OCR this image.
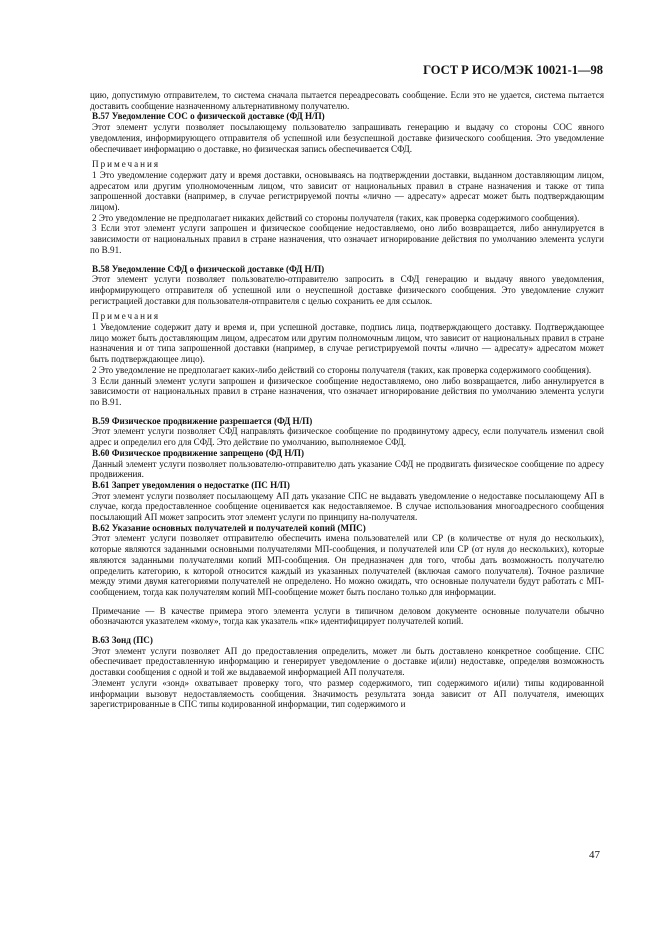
ГОСТ Р ИСО/МЭК 10021-1—98

цию, допустимую отправителем, то система сначала пытается переадресовать сообщение. Если это не удается, система пытается доставить сообщение назначенному альтернативному получателю.

В.57 Уведомление СОС о физической доставке (ФД Н/П)

Этот элемент услуги позволяет посылающему пользователю запрашивать генерацию и выдачу со стороны СОС явного уведомления, информирующего отправителя об успешной или безуспешной доставке физического сообщения. Это уведомление обеспечивает информацию о доставке, но физическая запись обеспечивается СФД.

Примечания

1 Это уведомление содержит дату и время доставки, основываясь на подтверждении доставки, выданном доставляющим лицом, адресатом или другим уполномоченным лицом, что зависит от национальных правил в стране назначения и также от типа запрошенной доставки (например, в случае регистрируемой почты «лично — адресату» адресат может быть подтверждающим лицом).

2 Это уведомление не предполагает никаких действий со стороны получателя (таких, как проверка содержимого сообщения).

3 Если этот элемент услуги запрошен и физическое сообщение недоставляемо, оно либо возвращается, либо аннулируется в зависимости от национальных правил в стране назначения, что означает игнорирование действия по умолчанию элемента услуги по В.91.

В.58 Уведомление СФД о физической доставке (ФД Н/П)

Этот элемент услуги позволяет пользователю-отправителю запросить в СФД генерацию и выдачу явного уведомления, информирующего отправителя об успешной или о неуспешной доставке физического сообщения. Это уведомление служит регистрацией доставки для пользователя-отправителя с целью сохранить ее для ссылок.

Примечания

1 Уведомление содержит дату и время и, при успешной доставке, подпись лица, подтверждающего доставку. Подтверждающее лицо может быть доставляющим лицом, адресатом или другим полномочным лицом, что зависит от национальных правил в стране назначения и от типа запрошенной доставки (например, в случае регистрируемой почты «лично — адресату» адресатом может быть подтверждающее лицо).

2 Это уведомление не предполагает каких-либо действий со стороны получателя (таких, как проверка содержимого сообщения).

3 Если данный элемент услуги запрошен и физическое сообщение недоставляемо, оно либо возвращается, либо аннулируется в зависимости от национальных правил в стране назначения, что означает игнорирование действия по умолчанию элемента услуги по В.91.

В.59 Физическое продвижение разрешается (ФД Н/П)

Этот элемент услуги позволяет СФД направлять физическое сообщение по продвинутому адресу, если получатель изменил свой адрес и определил его для СФД. Это действие по умолчанию, выполняемое СФД.

В.60 Физическое продвижение запрещено (ФД Н/П)

Данный элемент услуги позволяет пользователю-отправителю дать указание СФД не продвигать физическое сообщение по адресу продвижения.

В.61 Запрет уведомления о недостатке (ПС Н/П)

Этот элемент услуги позволяет посылающему АП дать указание СПС не выдавать уведомление о недоставке посылающему АП в случае, когда предоставленное сообщение оценивается как недоставляемое. В случае использования многоадресного сообщения посылающий АП может запросить этот элемент услуги по принципу на-получателя.

В.62 Указание основных получателей и получателей копий (МПС)

Этот элемент услуги позволяет отправителю обеспечить имена пользователей или СР (в количестве от нуля до нескольких), которые являются заданными основными получателями МП-сообщения, и получателей или СР (от нуля до нескольких), которые являются заданными получателями копий МП-сообщения. Он предназначен для того, чтобы дать возможность получателю определить категорию, к которой относится каждый из указанных получателей (включая самого получателя). Точное различие между этими двумя категориями получателей не определено. Но можно ожидать, что основные получатели будут работать с МП-сообщением, тогда как получателям копий МП-сообщение может быть послано только для информации.

Примечание — В качестве примера этого элемента услуги в типичном деловом документе основные получатели обычно обозначаются указателем «кому», тогда как указатель «пк» идентифицирует получателей копий.

В.63 Зонд (ПС)

Этот элемент услуги позволяет АП до предоставления определить, может ли быть доставлено конкретное сообщение. СПС обеспечивает предоставленную информацию и генерирует уведомление о доставке и(или) недоставке, определяя возможность доставки сообщения с одной и той же выдаваемой информацией АП получателя.

Элемент услуги «зонд» охватывает проверку того, что размер содержимого, тип содержимого и(или) типы кодированной информации вызовут недоставляемость сообщения. Значимость результата зонда зависит от АП получателя, имеющих зарегистрированные в СПС типы кодированной информации, тип содержимого и

47
